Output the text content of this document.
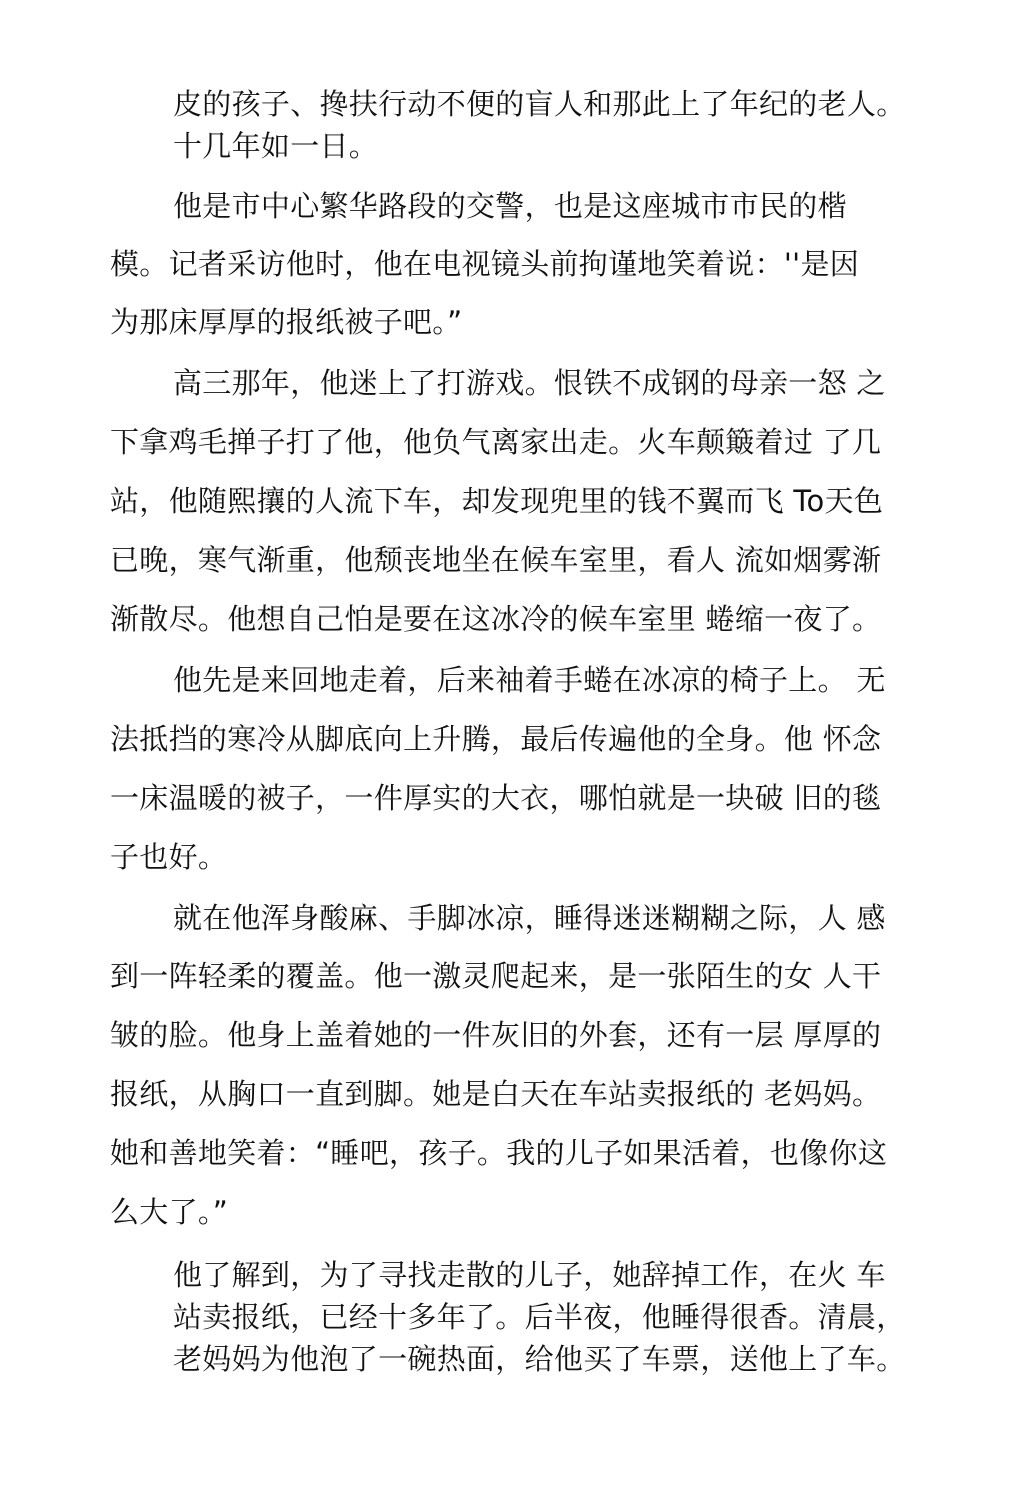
皮的孩子、搀扶行动不便的盲人和那此上了年纪的老人。
十几年如一日。
他是市中心繁华路段的交警，也是这座城市市民的楷
模。记者采访他时，他在电视镜头前拘谨地笑着说：''是因
为那床厚厚的报纸被子吧。”
高三那年，他迷上了打游戏。恨铁不成钢的母亲一怒 之
下拿鸡毛掸子打了他，他负气离家出走。火车颠簸着过 了几
站，他随熙攘的人流下车，却发现兜里的钱不翼而飞 To天色
已晚，寒气渐重，他颓丧地坐在候车室里，看人 流如烟雾渐
渐散尽。他想自己怕是要在这冰冷的候车室里 蜷缩一夜了。
他先是来回地走着，后来袖着手蜷在冰凉的椅子上。 无
法抵挡的寒冷从脚底向上升腾，最后传遍他的全身。他 怀念
一床温暖的被子，一件厚实的大衣，哪怕就是一块破 旧的毯
子也好。
就在他浑身酸麻、手脚冰凉，睡得迷迷糊糊之际，人 感
到一阵轻柔的覆盖。他一激灵爬起来，是一张陌生的女 人干
皱的脸。他身上盖着她的一件灰旧的外套，还有一层 厚厚的
报纸，从胸口一直到脚。她是白天在车站卖报纸的 老妈妈。
她和善地笑着：“睡吧，孩子。我的儿子如果活着，也像你这
么大了。”
他了解到，为了寻找走散的儿子，她辞掉工作，在火 车
站卖报纸，已经十多年了。后半夜，他睡得很香。清晨，
老妈妈为他泡了一碗热面，给他买了车票，送他上了车。
